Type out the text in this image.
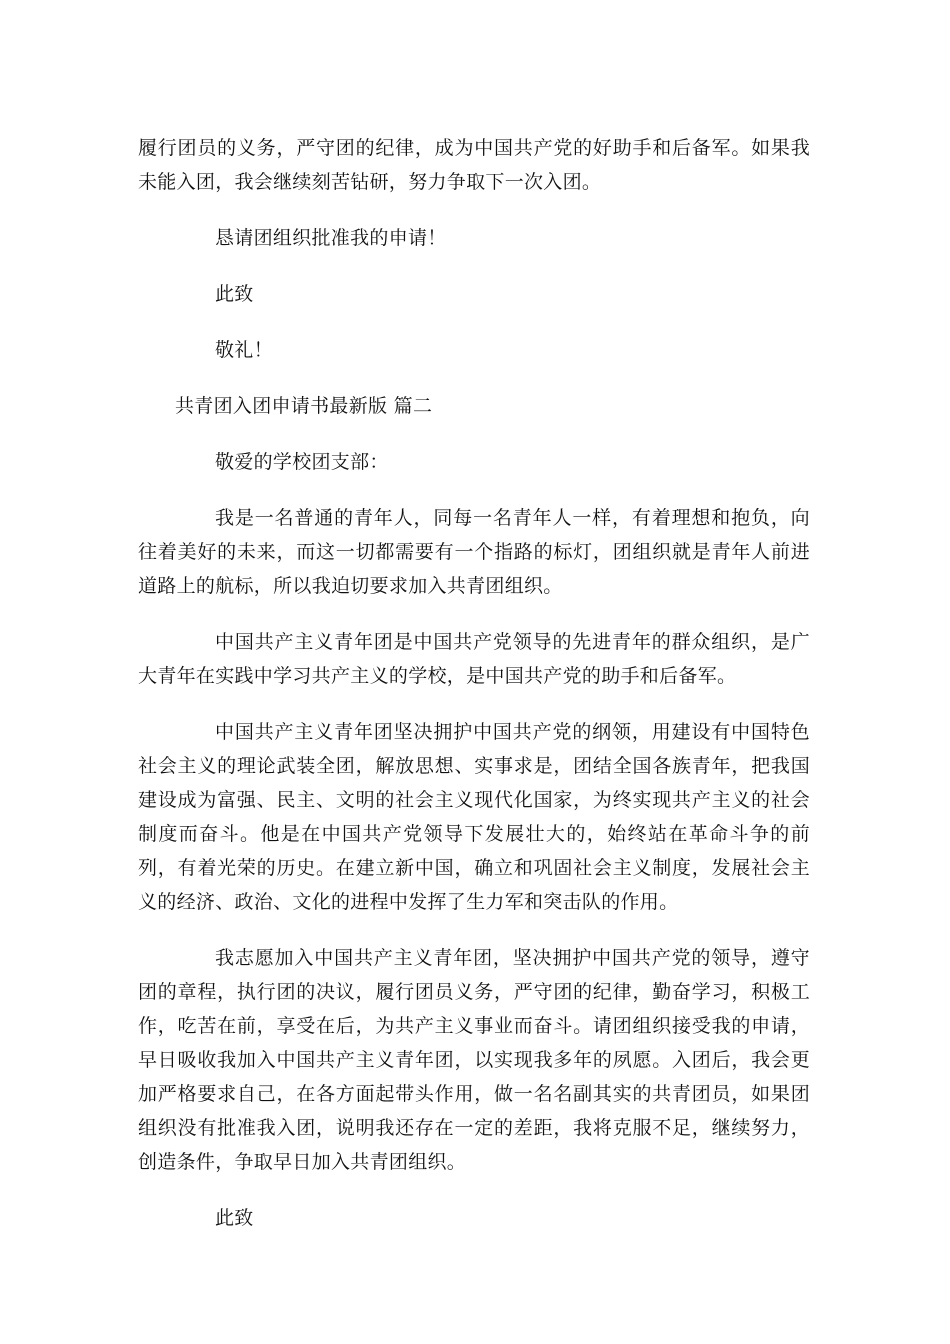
履行团员的义务，严守团的纪律，成为中国共产党的好助手和后备军。如果我未能入团，我会继续刻苦钻研，努力争取下一次入团。

恳请团组织批准我的申请！

此致

敬礼！

共青团入团申请书最新版 篇二

敬爱的学校团支部：

我是一名普通的青年人，同每一名青年人一样，有着理想和抱负，向往着美好的未来，而这一切都需要有一个指路的标灯，团组织就是青年人前进道路上的航标，所以我迫切要求加入共青团组织。

中国共产主义青年团是中国共产党领导的先进青年的群众组织，是广大青年在实践中学习共产主义的学校，是中国共产党的助手和后备军。

中国共产主义青年团坚决拥护中国共产党的纲领，用建设有中国特色社会主义的理论武装全团，解放思想、实事求是，团结全国各族青年，把我国建设成为富强、民主、文明的社会主义现代化国家，为终实现共产主义的社会制度而奋斗。他是在中国共产党领导下发展壮大的，始终站在革命斗争的前列，有着光荣的历史。在建立新中国，确立和巩固社会主义制度，发展社会主义的经济、政治、文化的进程中发挥了生力军和突击队的作用。

我志愿加入中国共产主义青年团，坚决拥护中国共产党的领导，遵守团的章程，执行团的决议，履行团员义务，严守团的纪律，勤奋学习，积极工作，吃苦在前，享受在后，为共产主义事业而奋斗。请团组织接受我的申请，早日吸收我加入中国共产主义青年团，以实现我多年的夙愿。入团后，我会更加严格要求自己，在各方面起带头作用，做一名名副其实的共青团员，如果团组织没有批准我入团，说明我还存在一定的差距，我将克服不足，继续努力，创造条件，争取早日加入共青团组织。

此致
